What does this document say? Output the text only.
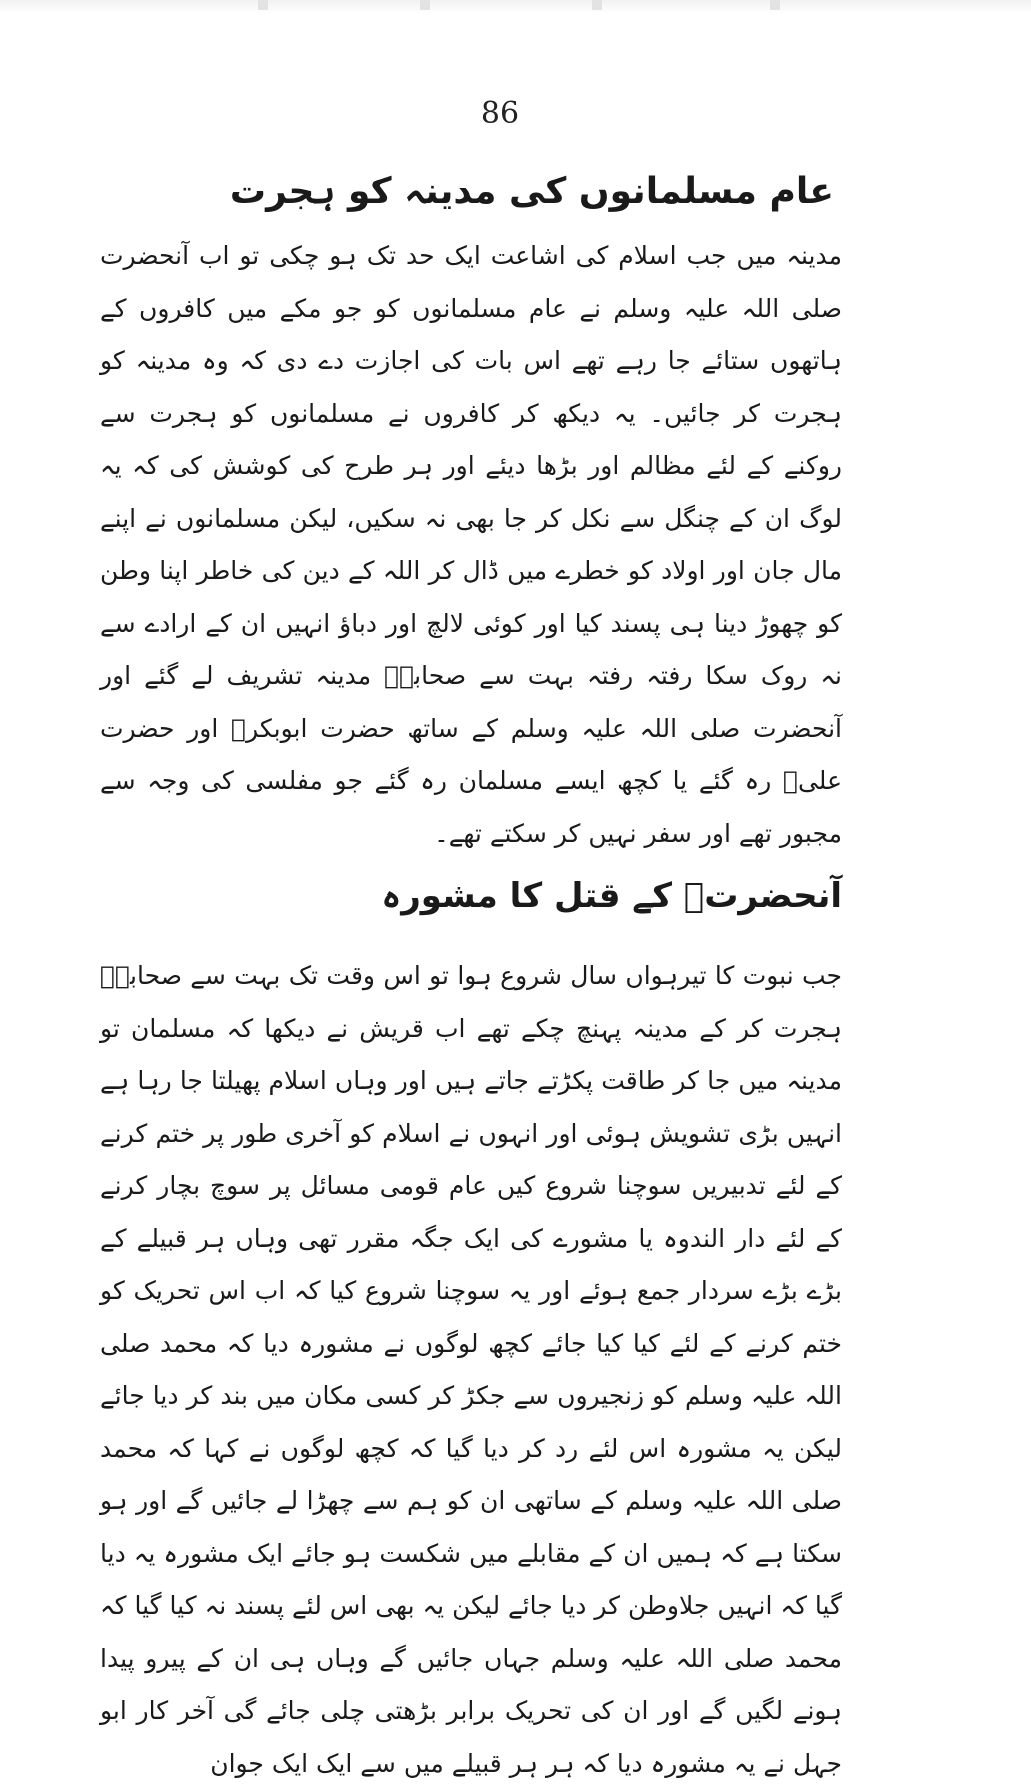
86
عام مسلمانوں کی مدینہ کو ہجرت

مدینہ میں جب اسلام کی اشاعت ایک حد تک ہو چکی تو اب آنحضرت صلی اللہ علیہ وسلم نے عام مسلمانوں کو جو مکے میں کافروں کے ہاتھوں ستائے جا رہے تھے اس بات کی اجازت دے دی کہ وہ مدینہ کو ہجرت کر جائیں۔ یہ دیکھ کر کافروں نے مسلمانوں کو ہجرت سے روکنے کے لئے مظالم اور بڑھا دیئے اور ہر طرح کی کوشش کی کہ یہ لوگ ان کے چنگل سے نکل کر جا بھی نہ سکیں، لیکن مسلمانوں نے اپنے مال جان اور اولاد کو خطرے میں ڈال کر اللہ کے دین کی خاطر اپنا وطن کو چھوڑ دینا ہی پسند کیا اور کوئی لالچ اور دباؤ انہیں ان کے ارادے سے نہ روک سکا رفتہ رفتہ بہت سے صحابہؓ مدینہ تشریف لے گئے اور آنحضرت صلی اللہ علیہ وسلم کے ساتھ حضرت ابوبکرؓ اور حضرت علیؓ رہ گئے یا کچھ ایسے مسلمان رہ گئے جو مفلسی کی وجہ سے مجبور تھے اور سفر نہیں کر سکتے تھے۔

آنحضرتؐ کے قتل کا مشورہ

جب نبوت کا تیرہواں سال شروع ہوا تو اس وقت تک بہت سے صحابہؓ ہجرت کر کے مدینہ پہنچ چکے تھے اب قریش نے دیکھا کہ مسلمان تو مدینہ میں جا کر طاقت پکڑتے جاتے ہیں اور وہاں اسلام پھیلتا جا رہا ہے انہیں بڑی تشویش ہوئی اور انہوں نے اسلام کو آخری طور پر ختم کرنے کے لئے تدبیریں سوچنا شروع کیں عام قومی مسائل پر سوچ بچار کرنے کے لئے دار الندوہ یا مشورے کی ایک جگہ مقرر تھی وہاں ہر قبیلے کے بڑے بڑے سردار جمع ہوئے اور یہ سوچنا شروع کیا کہ اب اس تحریک کو ختم کرنے کے لئے کیا کیا جائے کچھ لوگوں نے مشورہ دیا کہ محمد صلی اللہ علیہ وسلم کو زنجیروں سے جکڑ کر کسی مکان میں بند کر دیا جائے لیکن یہ مشورہ اس لئے رد کر دیا گیا کہ کچھ لوگوں نے کہا کہ محمد صلی اللہ علیہ وسلم کے ساتھی ان کو ہم سے چھڑا لے جائیں گے اور ہو سکتا ہے کہ ہمیں ان کے مقابلے میں شکست ہو جائے ایک مشورہ یہ دیا گیا کہ انہیں جلاوطن کر دیا جائے لیکن یہ بھی اس لئے پسند نہ کیا گیا کہ محمد صلی اللہ علیہ وسلم جہاں جائیں گے وہاں ہی ان کے پیرو پیدا ہونے لگیں گے اور ان کی تحریک برابر بڑھتی چلی جائے گی آخر کار ابو جہل نے یہ مشورہ دیا کہ ہر ہر قبیلے میں سے ایک ایک جوان
